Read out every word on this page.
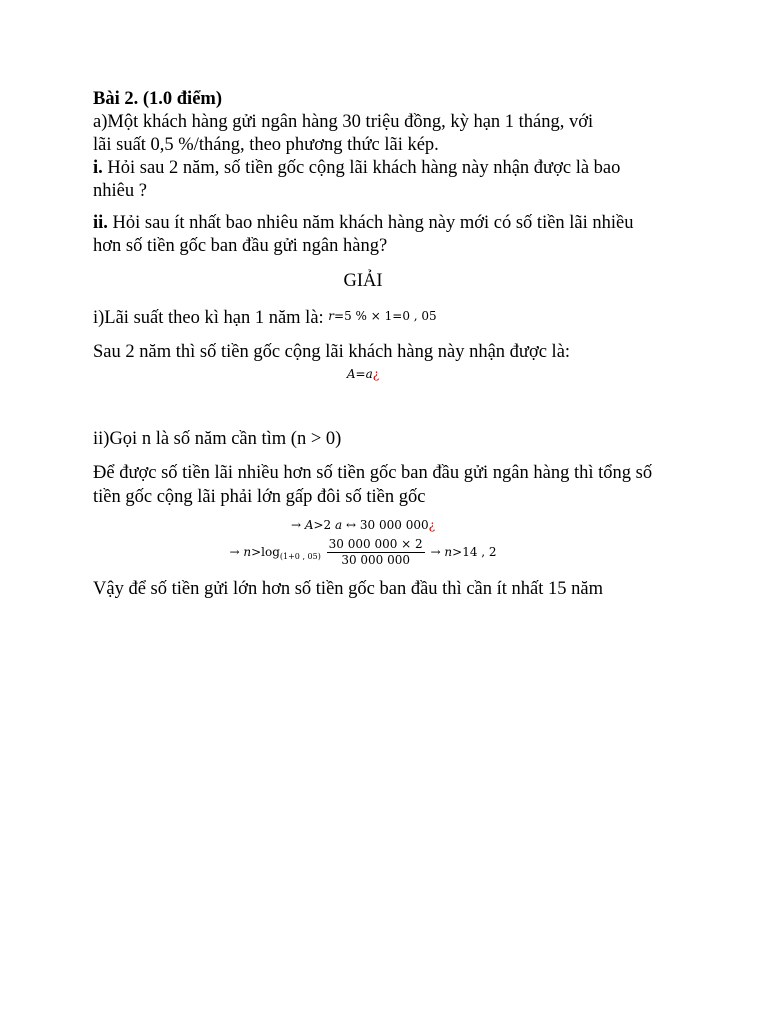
Bài 2. (1.0 điểm)

a)Một khách hàng gửi ngân hàng 30 triệu đồng, kỳ hạn 1 tháng, với

lãi suất 0,5 %/tháng, theo phương thức lãi kép.

i. Hỏi sau 2 năm, số tiền gốc cộng lãi khách hàng này nhận được là bao nhiêu ?

ii. Hỏi sau ít nhất bao nhiêu năm khách hàng này mới có số tiền lãi nhiều hơn số tiền gốc ban đầu gửi ngân hàng?

GIẢI

i)Lãi suất theo kì hạn 1 năm là: r=5 % × 1=0 , 05

Sau 2 năm thì số tiền gốc cộng lãi khách hàng này nhận được là:

A=a¿

ii)Gọi n là số năm cần tìm (n > 0)

Để được số tiền lãi nhiều hơn số tiền gốc ban đầu gửi ngân hàng thì tổng số tiền gốc cộng lãi phải lớn gấp đôi số tiền gốc

→ A>2 a ↔ 30 000 000¿

→ $n>\log_{(1+0 , 05)} \frac{30 000 000 \times 2}{30 000 000} \to n>14$ , 2

Vậy để số tiền gửi lớn hơn số tiền gốc ban đầu thì cần ít nhất 15 năm
